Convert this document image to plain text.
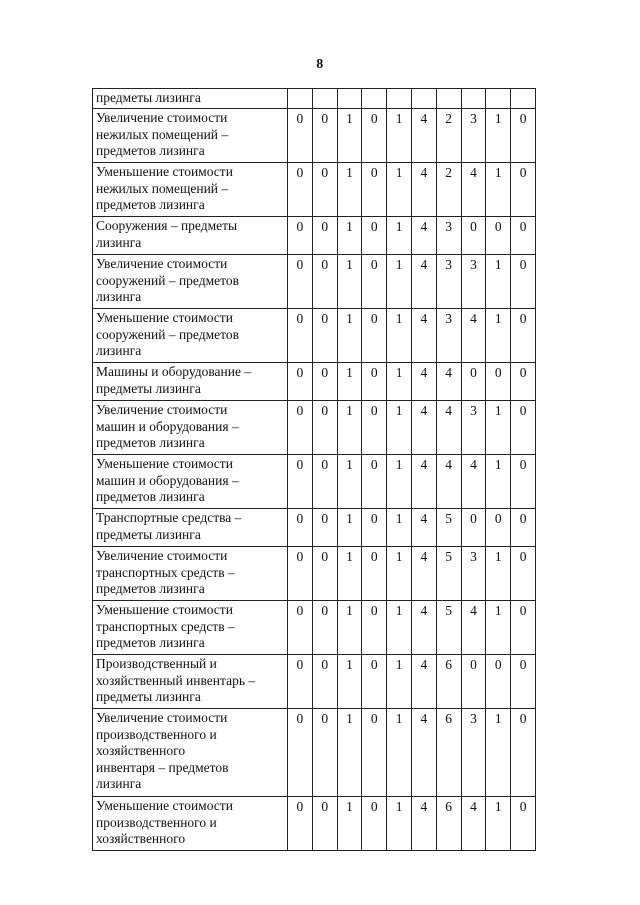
8
предметы лизинга										
Увеличение стоимости
нежилых помещений –
предметов лизинга	0	0	1	0	1	4	2	3	1	0
Уменьшение стоимости
нежилых помещений –
предметов лизинга	0	0	1	0	1	4	2	4	1	0
Сооружения – предметы
лизинга	0	0	1	0	1	4	3	0	0	0
Увеличение стоимости
сооружений – предметов
лизинга	0	0	1	0	1	4	3	3	1	0
Уменьшение стоимости
сооружений – предметов
лизинга	0	0	1	0	1	4	3	4	1	0
Машины и оборудование –
предметы лизинга	0	0	1	0	1	4	4	0	0	0
Увеличение стоимости
машин и оборудования –
предметов лизинга	0	0	1	0	1	4	4	3	1	0
Уменьшение стоимости
машин и оборудования –
предметов лизинга	0	0	1	0	1	4	4	4	1	0
Транспортные средства –
предметы лизинга	0	0	1	0	1	4	5	0	0	0
Увеличение стоимости
транспортных средств –
предметов лизинга	0	0	1	0	1	4	5	3	1	0
Уменьшение стоимости
транспортных средств –
предметов лизинга	0	0	1	0	1	4	5	4	1	0
Производственный и
хозяйственный инвентарь –
предметы лизинга	0	0	1	0	1	4	6	0	0	0
Увеличение стоимости
производственного и
хозяйственного
инвентаря – предметов
лизинга	0	0	1	0	1	4	6	3	1	0
Уменьшение стоимости
производственного и
хозяйственного	0	0	1	0	1	4	6	4	1	0
